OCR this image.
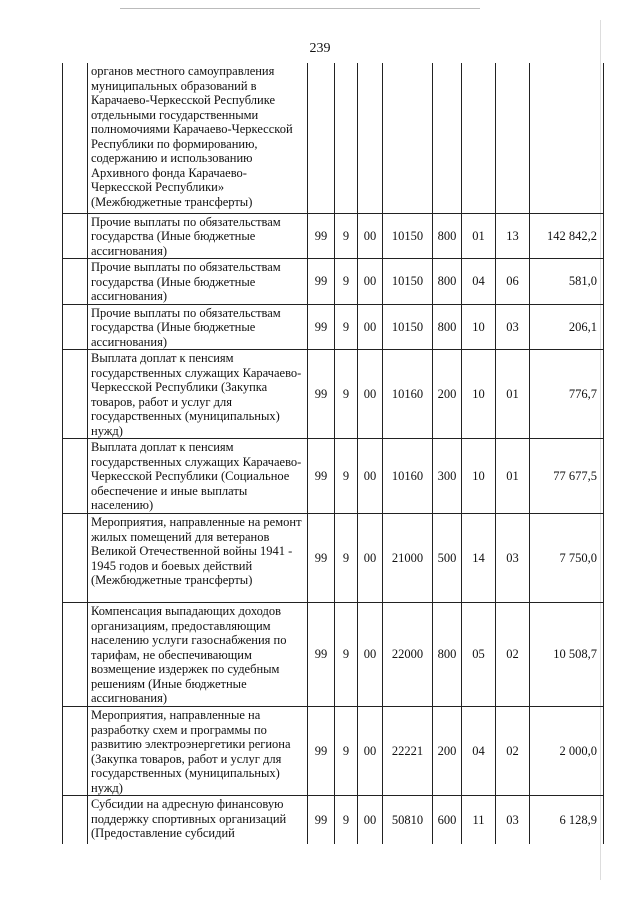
239
	органов местного самоуправления муниципальных образований в Карачаево-Черкесской Республике отдельными государственными полномочиями Карачаево-Черкесской Республики по формированию, содержанию и использованию Архивного фонда Карачаево-Черкесской Республики» (Межбюджетные трансферты)								
	Прочие выплаты по обязательствам государства (Иные бюджетные ассигнования)	99	9	00	10150	800	01	13	142 842,2
	Прочие выплаты по обязательствам государства (Иные бюджетные ассигнования)	99	9	00	10150	800	04	06	581,0
	Прочие выплаты по обязательствам государства (Иные бюджетные ассигнования)	99	9	00	10150	800	10	03	206,1
	Выплата доплат к пенсиям государственных служащих Карачаево-Черкесской Республики (Закупка товаров, работ и услуг для государственных (муниципальных) нужд)	99	9	00	10160	200	10	01	776,7
	Выплата доплат к пенсиям государственных служащих Карачаево-Черкесской Республики (Социальное обеспечение и иные выплаты населению)	99	9	00	10160	300	10	01	77 677,5
	Мероприятия, направленные на ремонт жилых помещений для ветеранов Великой Отечественной войны 1941 - 1945 годов и боевых действий (Межбюджетные трансферты)	99	9	00	21000	500	14	03	7 750,0
	Компенсация выпадающих доходов организациям, предоставляющим населению услуги газоснабжения по тарифам, не обеспечивающим возмещение издержек по судебным решениям (Иные бюджетные ассигнования)	99	9	00	22000	800	05	02	10 508,7
	Мероприятия, направленные на разработку схем и программы по развитию электроэнергетики региона (Закупка товаров, работ и услуг для государственных (муниципальных) нужд)	99	9	00	22221	200	04	02	2 000,0
	Субсидии на адресную финансовую поддержку спортивных организаций (Предоставление субсидий	99	9	00	50810	600	11	03	6 128,9
